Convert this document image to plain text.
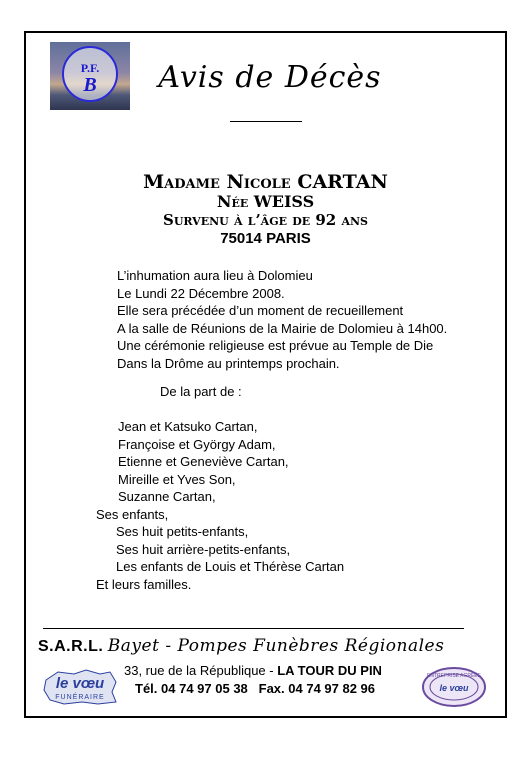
P.F.
B	Avis de Décès
Madame Nicole CARTAN
Née WEISS
Survenu à l’âge de 92 ans
75014 PARIS
L’inhumation aura lieu à Dolomieu
Le Lundi 22 Décembre 2008.
Elle sera précédée d’un moment de recueillement
A la salle de Réunions de la Mairie de Dolomieu à 14h00.
Une cérémonie religieuse est prévue au Temple de Die
Dans la Drôme au printemps prochain.
De la part de :
Jean et Katsuko Cartan,
Françoise et György Adam,
Etienne et Geneviève Cartan,
Mireille et Yves Son,
Suzanne Cartan,
Ses enfants,
Ses huit petits-enfants,
Ses huit arrière-petits-enfants,
Les enfants de Louis et Thérèse Cartan
Et leurs familles.
S.A.R.L. Bayet - Pompes Funèbres Régionales
33, rue de la République - LA TOUR DU PIN
Tél. 04 74 97 05 38 Fax. 04 74 97 82 96
le vœu
FUNÉRAIRE
ENTREPRISE AGRÉÉE
le vœu
